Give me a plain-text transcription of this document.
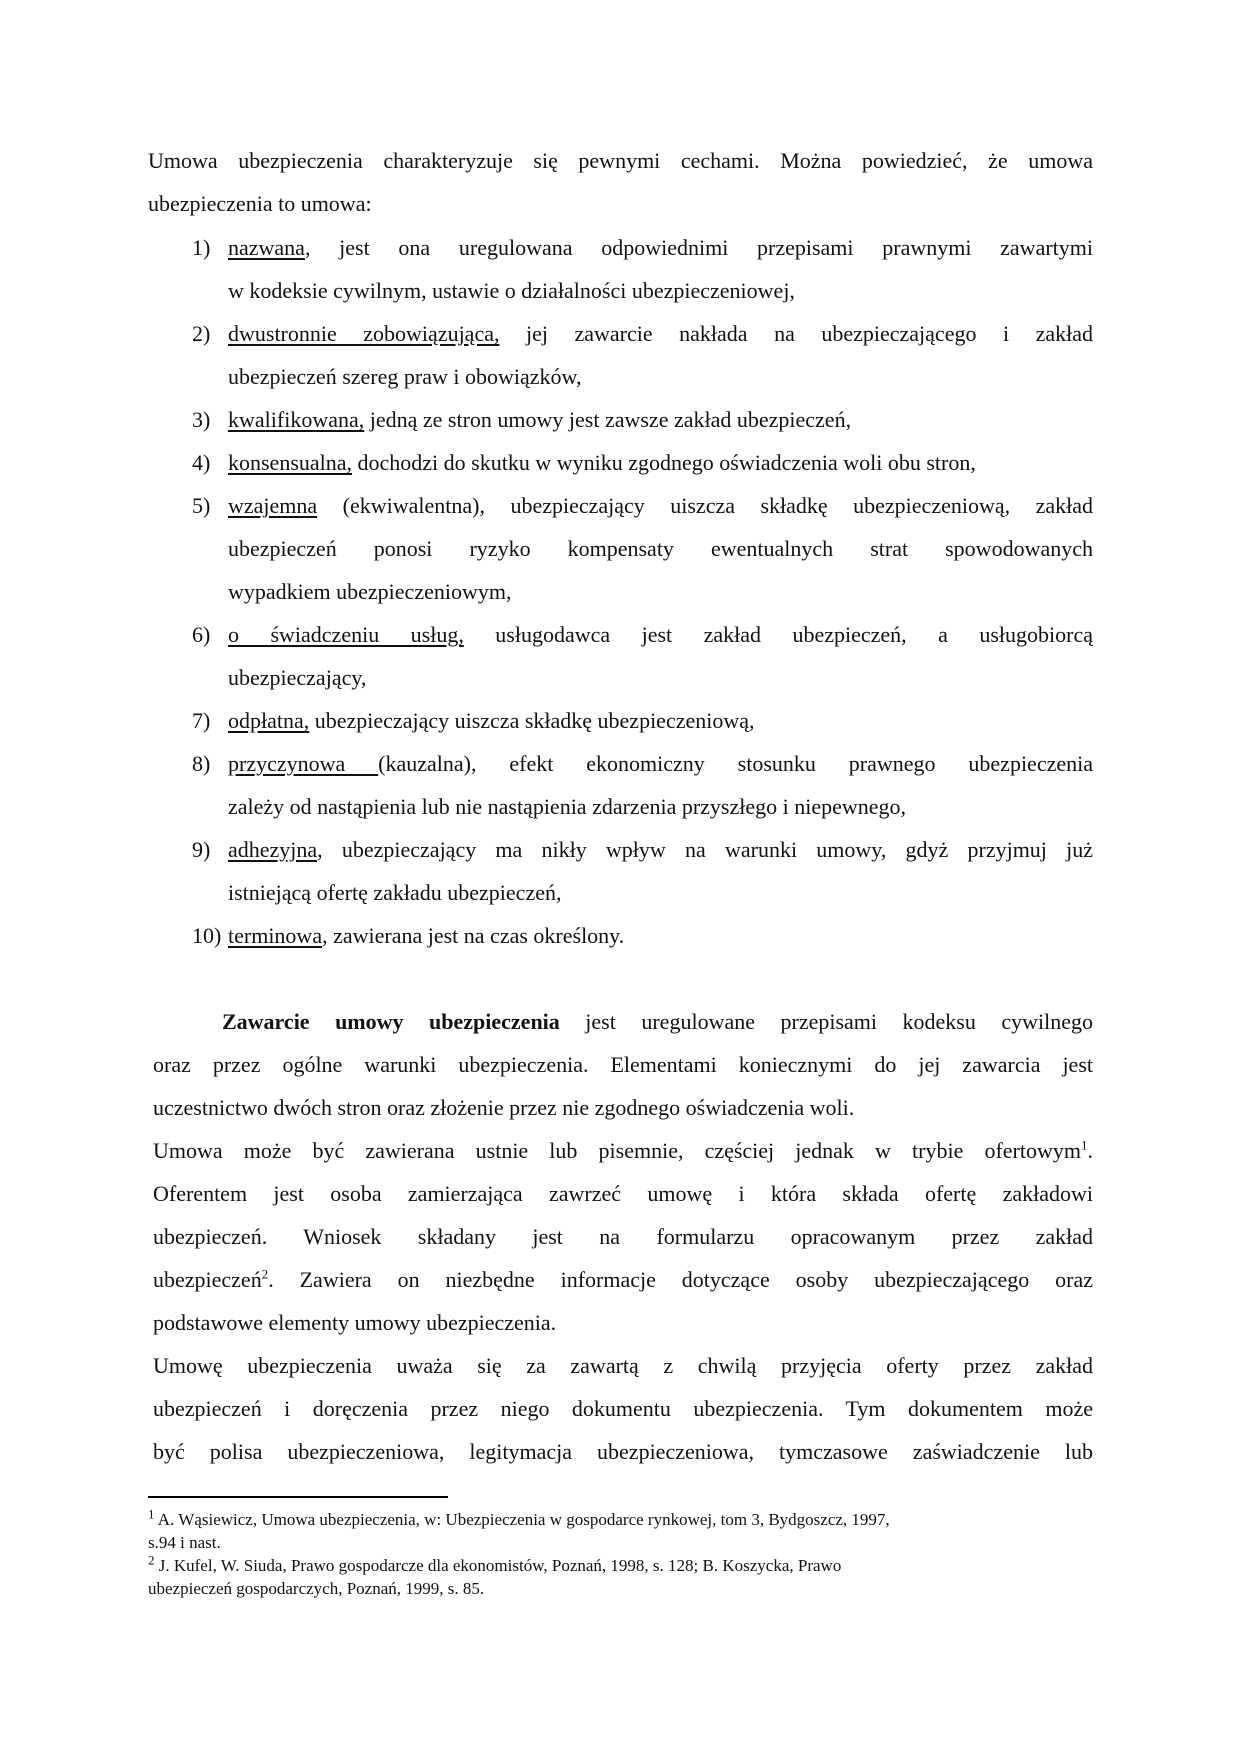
Umowa ubezpieczenia charakteryzuje się pewnymi cechami. Można powiedzieć, że umowa
ubezpieczenia to umowa:
1) nazwana, jest ona uregulowana odpowiednimi przepisami prawnymi zawartymi
w kodeksie cywilnym, ustawie o działalności ubezpieczeniowej,
2) dwustronnie zobowiązująca, jej zawarcie nakłada na ubezpieczającego i zakład
ubezpieczeń szereg praw i obowiązków,
3) kwalifikowana, jedną ze stron umowy jest zawsze zakład ubezpieczeń,
4) konsensualna, dochodzi do skutku w wyniku zgodnego oświadczenia woli obu stron,
5) wzajemna (ekwiwalentna), ubezpieczający uiszcza składkę ubezpieczeniową, zakład
ubezpieczeń ponosi ryzyko kompensaty ewentualnych strat spowodowanych
wypadkiem ubezpieczeniowym,
6) o świadczeniu usług, usługodawca jest zakład ubezpieczeń, a usługobiorcą
ubezpieczający,
7) odpłatna, ubezpieczający uiszcza składkę ubezpieczeniową,
8) przyczynowa (kauzalna), efekt ekonomiczny stosunku prawnego ubezpieczenia
zależy od nastąpienia lub nie nastąpienia zdarzenia przyszłego i niepewnego,
9) adhezyjna, ubezpieczający ma nikły wpływ na warunki umowy, gdyż przyjmuj już
istniejącą ofertę zakładu ubezpieczeń,
10) terminowa, zawierana jest na czas określony.
Zawarcie umowy ubezpieczenia jest uregulowane przepisami kodeksu cywilnego
oraz przez ogólne warunki ubezpieczenia. Elementami koniecznymi do jej zawarcia jest
uczestnictwo dwóch stron oraz złożenie przez nie zgodnego oświadczenia woli.
Umowa może być zawierana ustnie lub pisemnie, częściej jednak w trybie ofertowym$^1$.
Oferentem jest osoba zamierzająca zawrzeć umowę i która składa ofertę zakładowi
ubezpieczeń. Wniosek składany jest na formularzu opracowanym przez zakład
ubezpieczeń$^2$. Zawiera on niezbędne informacje dotyczące osoby ubezpieczającego oraz
podstawowe elementy umowy ubezpieczenia.
Umowę ubezpieczenia uważa się za zawartą z chwilą przyjęcia oferty przez zakład
ubezpieczeń i doręczenia przez niego dokumentu ubezpieczenia. Tym dokumentem może
być polisa ubezpieczeniowa, legitymacja ubezpieczeniowa, tymczasowe zaświadczenie lub
$^1$ A. Wąsiewicz, Umowa ubezpieczenia, w: Ubezpieczenia w gospodarce rynkowej, tom 3, Bydgoszcz, 1997,
s.94 i nast.
$^2$ J. Kufel, W. Siuda, Prawo gospodarcze dla ekonomistów, Poznań, 1998, s. 128; B. Koszycka, Prawo
ubezpieczeń gospodarczych, Poznań, 1999, s. 85.
